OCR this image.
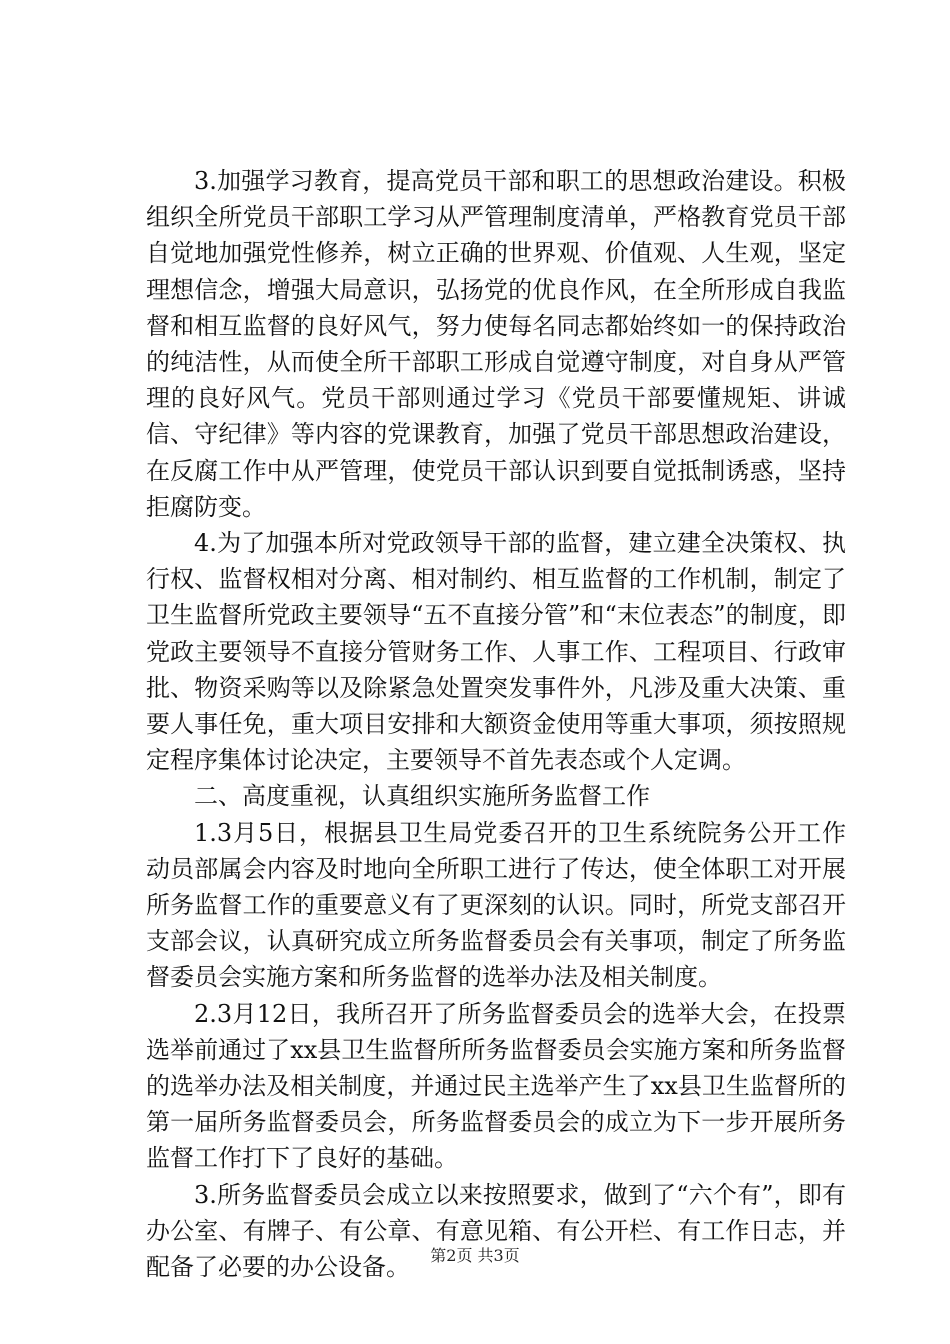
3.加强学习教育，提高党员干部和职工的思想政治建设。积极组织全所党员干部职工学习从严管理制度清单，严格教育党员干部自觉地加强党性修养，树立正确的世界观、价值观、人生观，坚定理想信念，增强大局意识，弘扬党的优良作风，在全所形成自我监督和相互监督的良好风气，努力使每名同志都始终如一的保持政治的纯洁性，从而使全所干部职工形成自觉遵守制度，对自身从严管理的良好风气。党员干部则通过学习《党员干部要懂规矩、讲诚信、守纪律》等内容的党课教育，加强了党员干部思想政治建设，在反腐工作中从严管理，使党员干部认识到要自觉抵制诱惑，坚持拒腐防变。

4.为了加强本所对党政领导干部的监督，建立建全决策权、执行权、监督权相对分离、相对制约、相互监督的工作机制，制定了卫生监督所党政主要领导“五不直接分管”和“末位表态”的制度，即党政主要领导不直接分管财务工作、人事工作、工程项目、行政审批、物资采购等以及除紧急处置突发事件外，凡涉及重大决策、重要人事任免，重大项目安排和大额资金使用等重大事项，须按照规定程序集体讨论决定，主要领导不首先表态或个人定调。

二、高度重视，认真组织实施所务监督工作

1.3月5日，根据县卫生局党委召开的卫生系统院务公开工作动员部属会内容及时地向全所职工进行了传达，使全体职工对开展所务监督工作的重要意义有了更深刻的认识。同时，所党支部召开支部会议，认真研究成立所务监督委员会有关事项，制定了所务监督委员会实施方案和所务监督的选举办法及相关制度。

2.3月12日，我所召开了所务监督委员会的选举大会，在投票选举前通过了xx县卫生监督所所务监督委员会实施方案和所务监督的选举办法及相关制度，并通过民主选举产生了xx县卫生监督所的第一届所务监督委员会，所务监督委员会的成立为下一步开展所务监督工作打下了良好的基础。

3.所务监督委员会成立以来按照要求，做到了“六个有”，即有办公室、有牌子、有公章、有意见箱、有公开栏、有工作日志，并配备了必要的办公设备。	第2页 共3页
